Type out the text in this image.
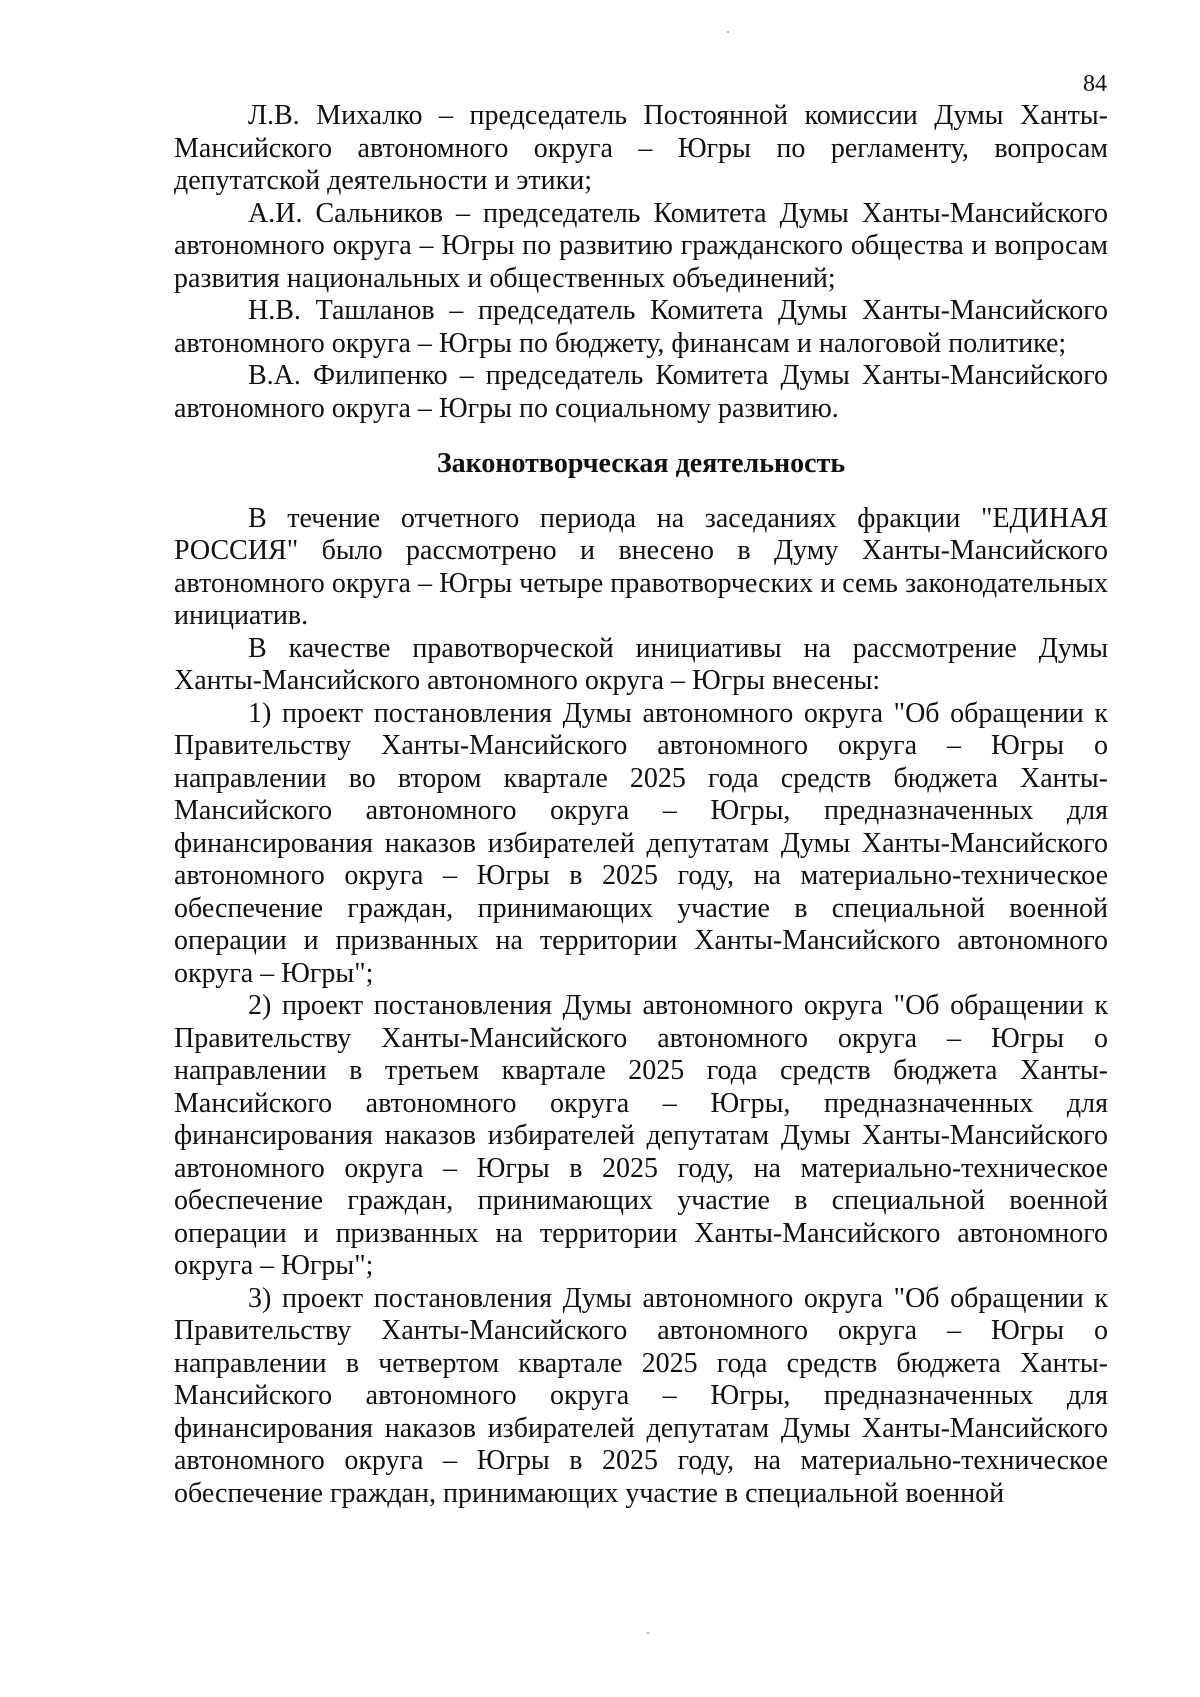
84

Л.В. Михалко – председатель Постоянной комиссии Думы Ханты-Мансийского автономного округа – Югры по регламенту, вопросам депутатской деятельности и этики;

А.И. Сальников – председатель Комитета Думы Ханты-Мансийского автономного округа – Югры по развитию гражданского общества и вопросам развития национальных и общественных объединений;

Н.В. Ташланов – председатель Комитета Думы Ханты-Мансийского автономного округа – Югры по бюджету, финансам и налоговой политике;

В.А. Филипенко – председатель Комитета Думы Ханты-Мансийского автономного округа – Югры по социальному развитию.

Законотворческая деятельность

В течение отчетного периода на заседаниях фракции "ЕДИНАЯ РОССИЯ" было рассмотрено и внесено в Думу Ханты-Мансийского автономного округа – Югры четыре правотворческих и семь законодательных инициатив.

В качестве правотворческой инициативы на рассмотрение Думы Ханты-Мансийского автономного округа – Югры внесены:

1) проект постановления Думы автономного округа "Об обращении к Правительству Ханты-Мансийского автономного округа – Югры о направлении во втором квартале 2025 года средств бюджета Ханты-Мансийского автономного округа – Югры, предназначенных для финансирования наказов избирателей депутатам Думы Ханты-Мансийского автономного округа – Югры в 2025 году, на материально-техническое обеспечение граждан, принимающих участие в специальной военной операции и призванных на территории Ханты-Мансийского автономного округа – Югры";

2) проект постановления Думы автономного округа "Об обращении к Правительству Ханты-Мансийского автономного округа – Югры о направлении в третьем квартале 2025 года средств бюджета Ханты-Мансийского автономного округа – Югры, предназначенных для финансирования наказов избирателей депутатам Думы Ханты-Мансийского автономного округа – Югры в 2025 году, на материально-техническое обеспечение граждан, принимающих участие в специальной военной операции и призванных на территории Ханты-Мансийского автономного округа – Югры";

3) проект постановления Думы автономного округа "Об обращении к Правительству Ханты-Мансийского автономного округа – Югры о направлении в четвертом квартале 2025 года средств бюджета Ханты-Мансийского автономного округа – Югры, предназначенных для финансирования наказов избирателей депутатам Думы Ханты-Мансийского автономного округа – Югры в 2025 году, на материально-техническое обеспечение граждан, принимающих участие в специальной военной
